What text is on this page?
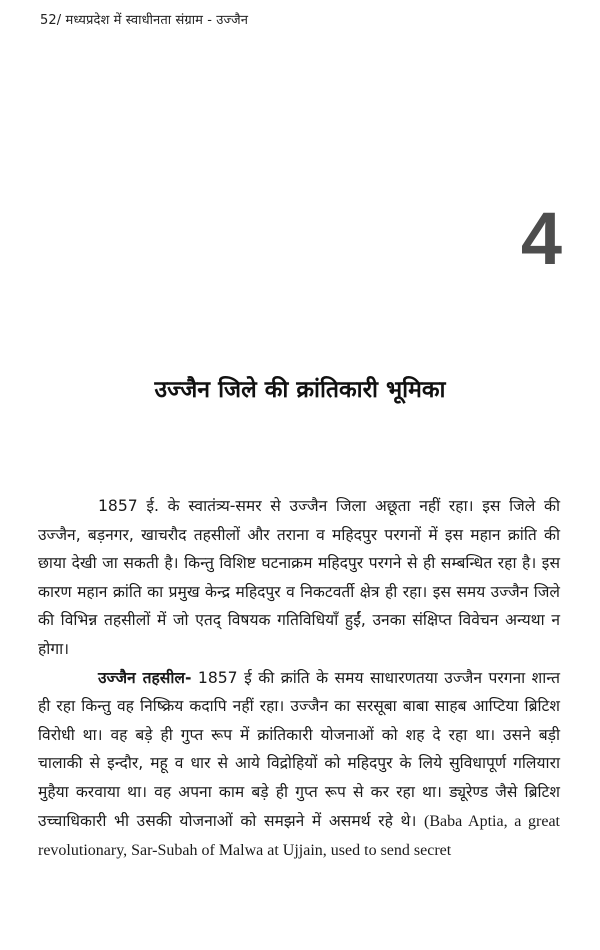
52/ मध्यप्रदेश में स्वाधीनता संग्राम - उज्जैन
4
उज्जैन जिले की क्रांतिकारी भूमिका

1857 ई. के स्वातंत्र्य-समर से उज्जैन जिला अछूता नहीं रहा। इस जिले की उज्जैन, बड़नगर, खाचरौद तहसीलों और तराना व महिदपुर परगनों में इस महान क्रांति की छाया देखी जा सकती है। किन्तु विशिष्ट घटनाक्रम महिदपुर परगने से ही सम्बन्धित रहा है। इस कारण महान क्रांति का प्रमुख केन्द्र महिदपुर व निकटवर्ती क्षेत्र ही रहा। इस समय उज्जैन जिले की विभिन्न तहसीलों में जो एतद् विषयक गतिविधियाँ हुईं, उनका संक्षिप्त विवेचन अन्यथा न होगा।

उज्जैन तहसील- 1857 ई की क्रांति के समय साधारणतया उज्जैन परगना शान्त ही रहा किन्तु वह निष्क्रिय कदापि नहीं रहा। उज्जैन का सरसूबा बाबा साहब आप्टिया ब्रिटिश विरोधी था। वह बड़े ही गुप्त रूप में क्रांतिकारी योजनाओं को शह दे रहा था। उसने बड़ी चालाकी से इन्दौर, महू व धार से आये विद्रोहियों को महिदपुर के लिये सुविधापूर्ण गलियारा मुहैया करवाया था। वह अपना काम बड़े ही गुप्त रूप से कर रहा था। ड्यूरेण्ड जैसे ब्रिटिश उच्चाधिकारी भी उसकी योजनाओं को समझने में असमर्थ रहे थे। (Baba Aptia, a great revolutionary, Sar-Subah of Malwa at Ujjain, used to send secret
